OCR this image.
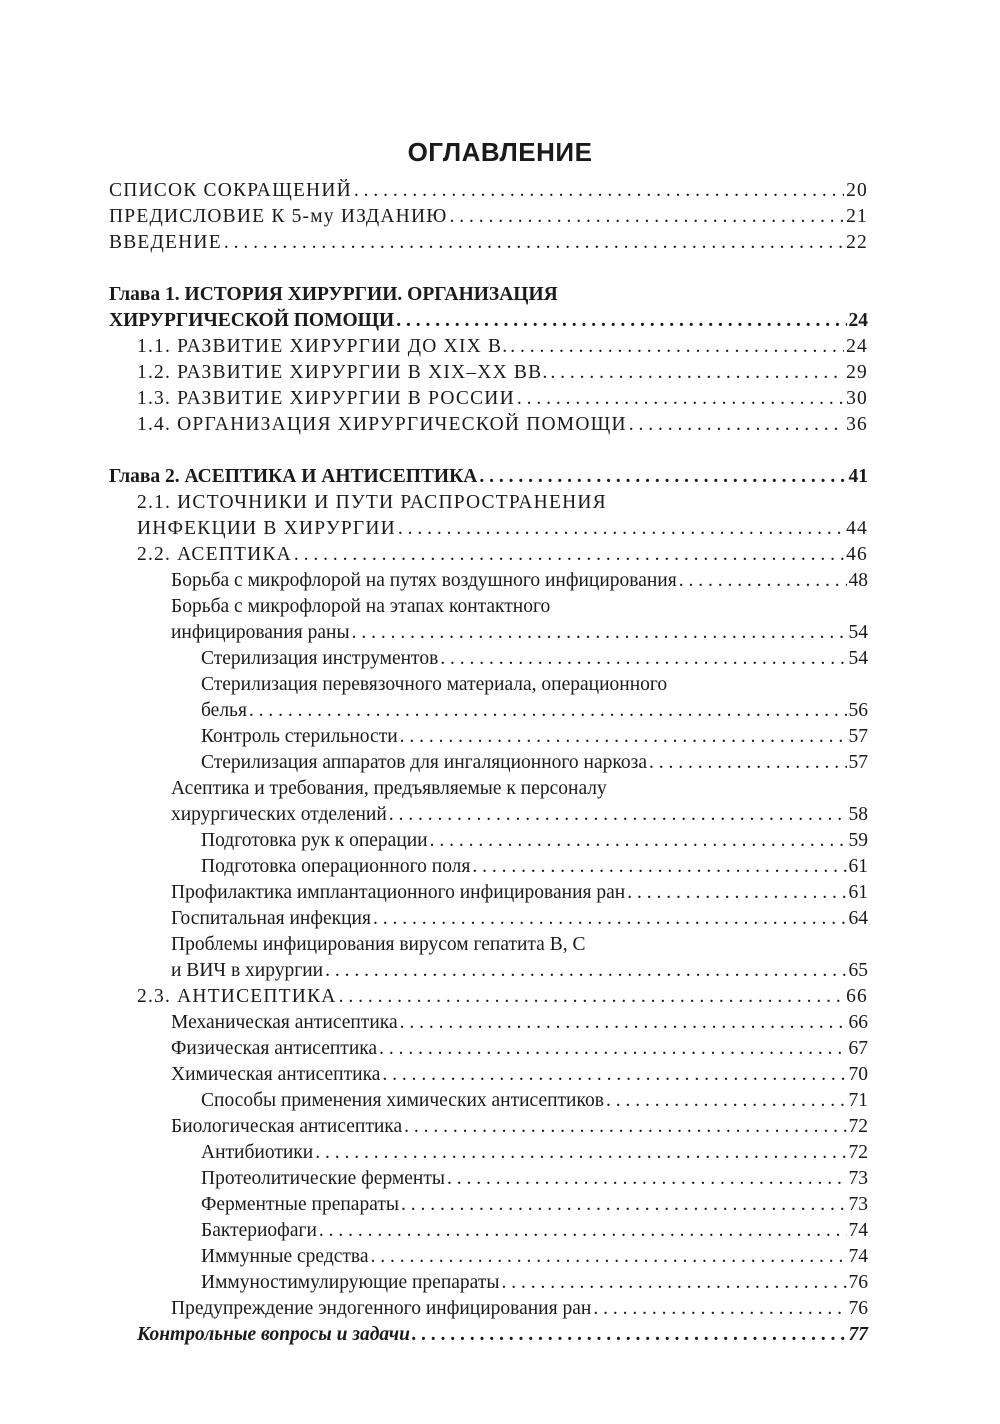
ОГЛАВЛЕНИЕ
СПИСОК СОКРАЩЕНИЙ . . .	20
ПРЕДИСЛОВИЕ К 5-му ИЗДАНИЮ . . .	21
ВВЕДЕНИЕ . . .	22
Глава 1. ИСТОРИЯ ХИРУРГИИ. ОРГАНИЗАЦИЯ
ХИРУРГИЧЕСКОЙ ПОМОЩИ . . .	24
1.1. РАЗВИТИЕ ХИРУРГИИ ДО XIX В. . . .	24
1.2. РАЗВИТИЕ ХИРУРГИИ В XIX–XX ВВ. . . .	29
1.3. РАЗВИТИЕ ХИРУРГИИ В РОССИИ . . .	30
1.4. ОРГАНИЗАЦИЯ ХИРУРГИЧЕСКОЙ ПОМОЩИ . . .	36
Глава 2. АСЕПТИКА И АНТИСЕПТИКА . . .	41
2.1. ИСТОЧНИКИ И ПУТИ РАСПРОСТРАНЕНИЯ
ИНФЕКЦИИ В ХИРУРГИИ . . .	44
2.2. АСЕПТИКА . . .	46
Борьба с микрофлорой на путях воздушного инфицирования . . .	48
Борьба с микрофлорой на этапах контактного
инфицирования раны . . .	54
Стерилизация инструментов . . .	54
Стерилизация перевязочного материала, операционного
белья . . .	56
Контроль стерильности . . .	57
Стерилизация аппаратов для ингаляционного наркоза . . .	57
Асептика и требования, предъявляемые к персоналу
хирургических отделений . . .	58
Подготовка рук к операции . . .	59
Подготовка операционного поля . . .	61
Профилактика имплантационного инфицирования ран . . .	61
Госпитальная инфекция . . .	64
Проблемы инфицирования вирусом гепатита В, С
и ВИЧ в хирургии . . .	65
2.3. АНТИСЕПТИКА . . .	66
Механическая антисептика . . .	66
Физическая антисептика . . .	67
Химическая антисептика . . .	70
Способы применения химических антисептиков . . .	71
Биологическая антисептика . . .	72
Антибиотики . . .	72
Протеолитические ферменты . . .	73
Ферментные препараты . . .	73
Бактериофаги . . .	74
Иммунные средства . . .	74
Иммуностимулирующие препараты . . .	76
Предупреждение эндогенного инфицирования ран . . .	76
Контрольные вопросы и задачи . . .	77
